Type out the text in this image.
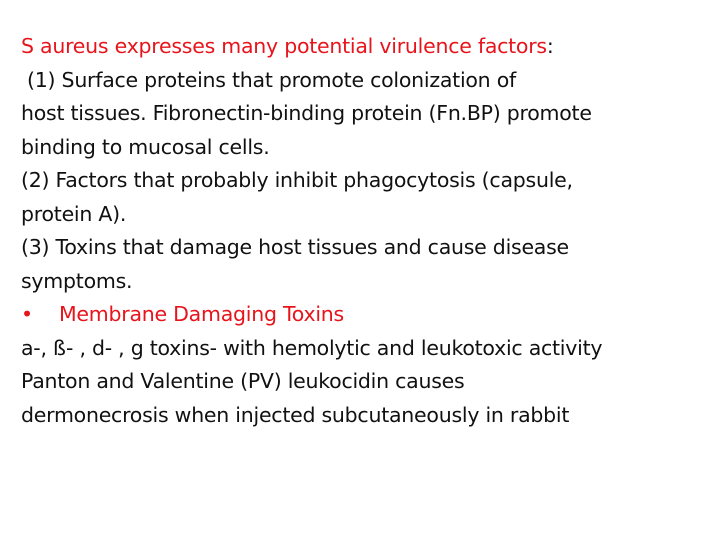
S aureus expresses many potential virulence factors:
(1) Surface proteins that promote colonization of
host tissues. Fibronectin-binding protein (Fn.BP) promote
binding to mucosal cells.
(2) Factors that probably inhibit phagocytosis (capsule,
protein A).
(3) Toxins that damage host tissues and cause disease
symptoms.
• Membrane Damaging Toxins
a-, ß- , d- , g toxins- with hemolytic and leukotoxic activity
Panton and Valentine (PV) leukocidin causes
dermonecrosis when injected subcutaneously in rabbit
